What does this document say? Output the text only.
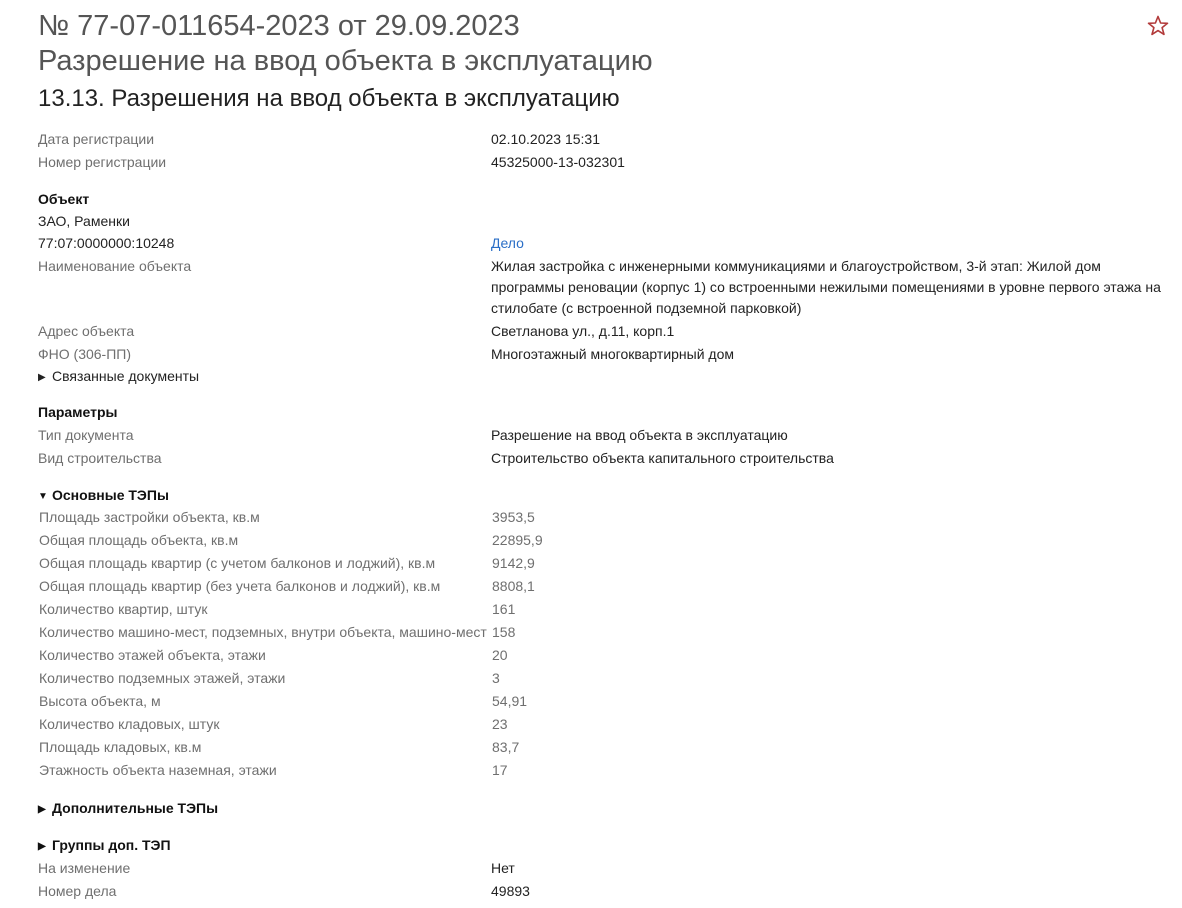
№ 77-07-011654-2023 от 29.09.2023
Разрешение на ввод объекта в эксплуатацию
13.13. Разрешения на ввод объекта в эксплуатацию
Дата регистрации	02.10.2023 15:31
Номер регистрации	45325000-13-032301
Объект
ЗАО, Раменки
77:07:0000000:10248	Дело
Наименование объекта	Жилая застройка с инженерными коммуникациями и благоустройством, 3-й этап: Жилой дом программы реновации (корпус 1) со встроенными нежилыми помещениями в уровне первого этажа на стилобате (с встроенной подземной парковкой)
Адрес объекта	Светланова ул., д.11, корп.1
ФНО (306-ПП)	Многоэтажный многоквартирный дом
▶ Связанные документы
Параметры
Тип документа	Разрешение на ввод объекта в эксплуатацию
Вид строительства	Строительство объекта капитального строительства
▼ Основные ТЭПы
Площадь застройки объекта, кв.м	3953,5
Общая площадь объекта, кв.м	22895,9
Общая площадь квартир (с учетом балконов и лоджий), кв.м	9142,9
Общая площадь квартир (без учета балконов и лоджий), кв.м	8808,1
Количество квартир, штук	161
Количество машино-мест, подземных, внутри объекта, машино-мест 158
Количество этажей объекта, этажи	20
Количество подземных этажей, этажи	3
Высота объекта, м	54,91
Количество кладовых, штук	23
Площадь кладовых, кв.м	83,7
Этажность объекта наземная, этажи	17
▶ Дополнительные ТЭПы
▶ Группы доп. ТЭП
На изменение	Нет
Номер дела	49893
